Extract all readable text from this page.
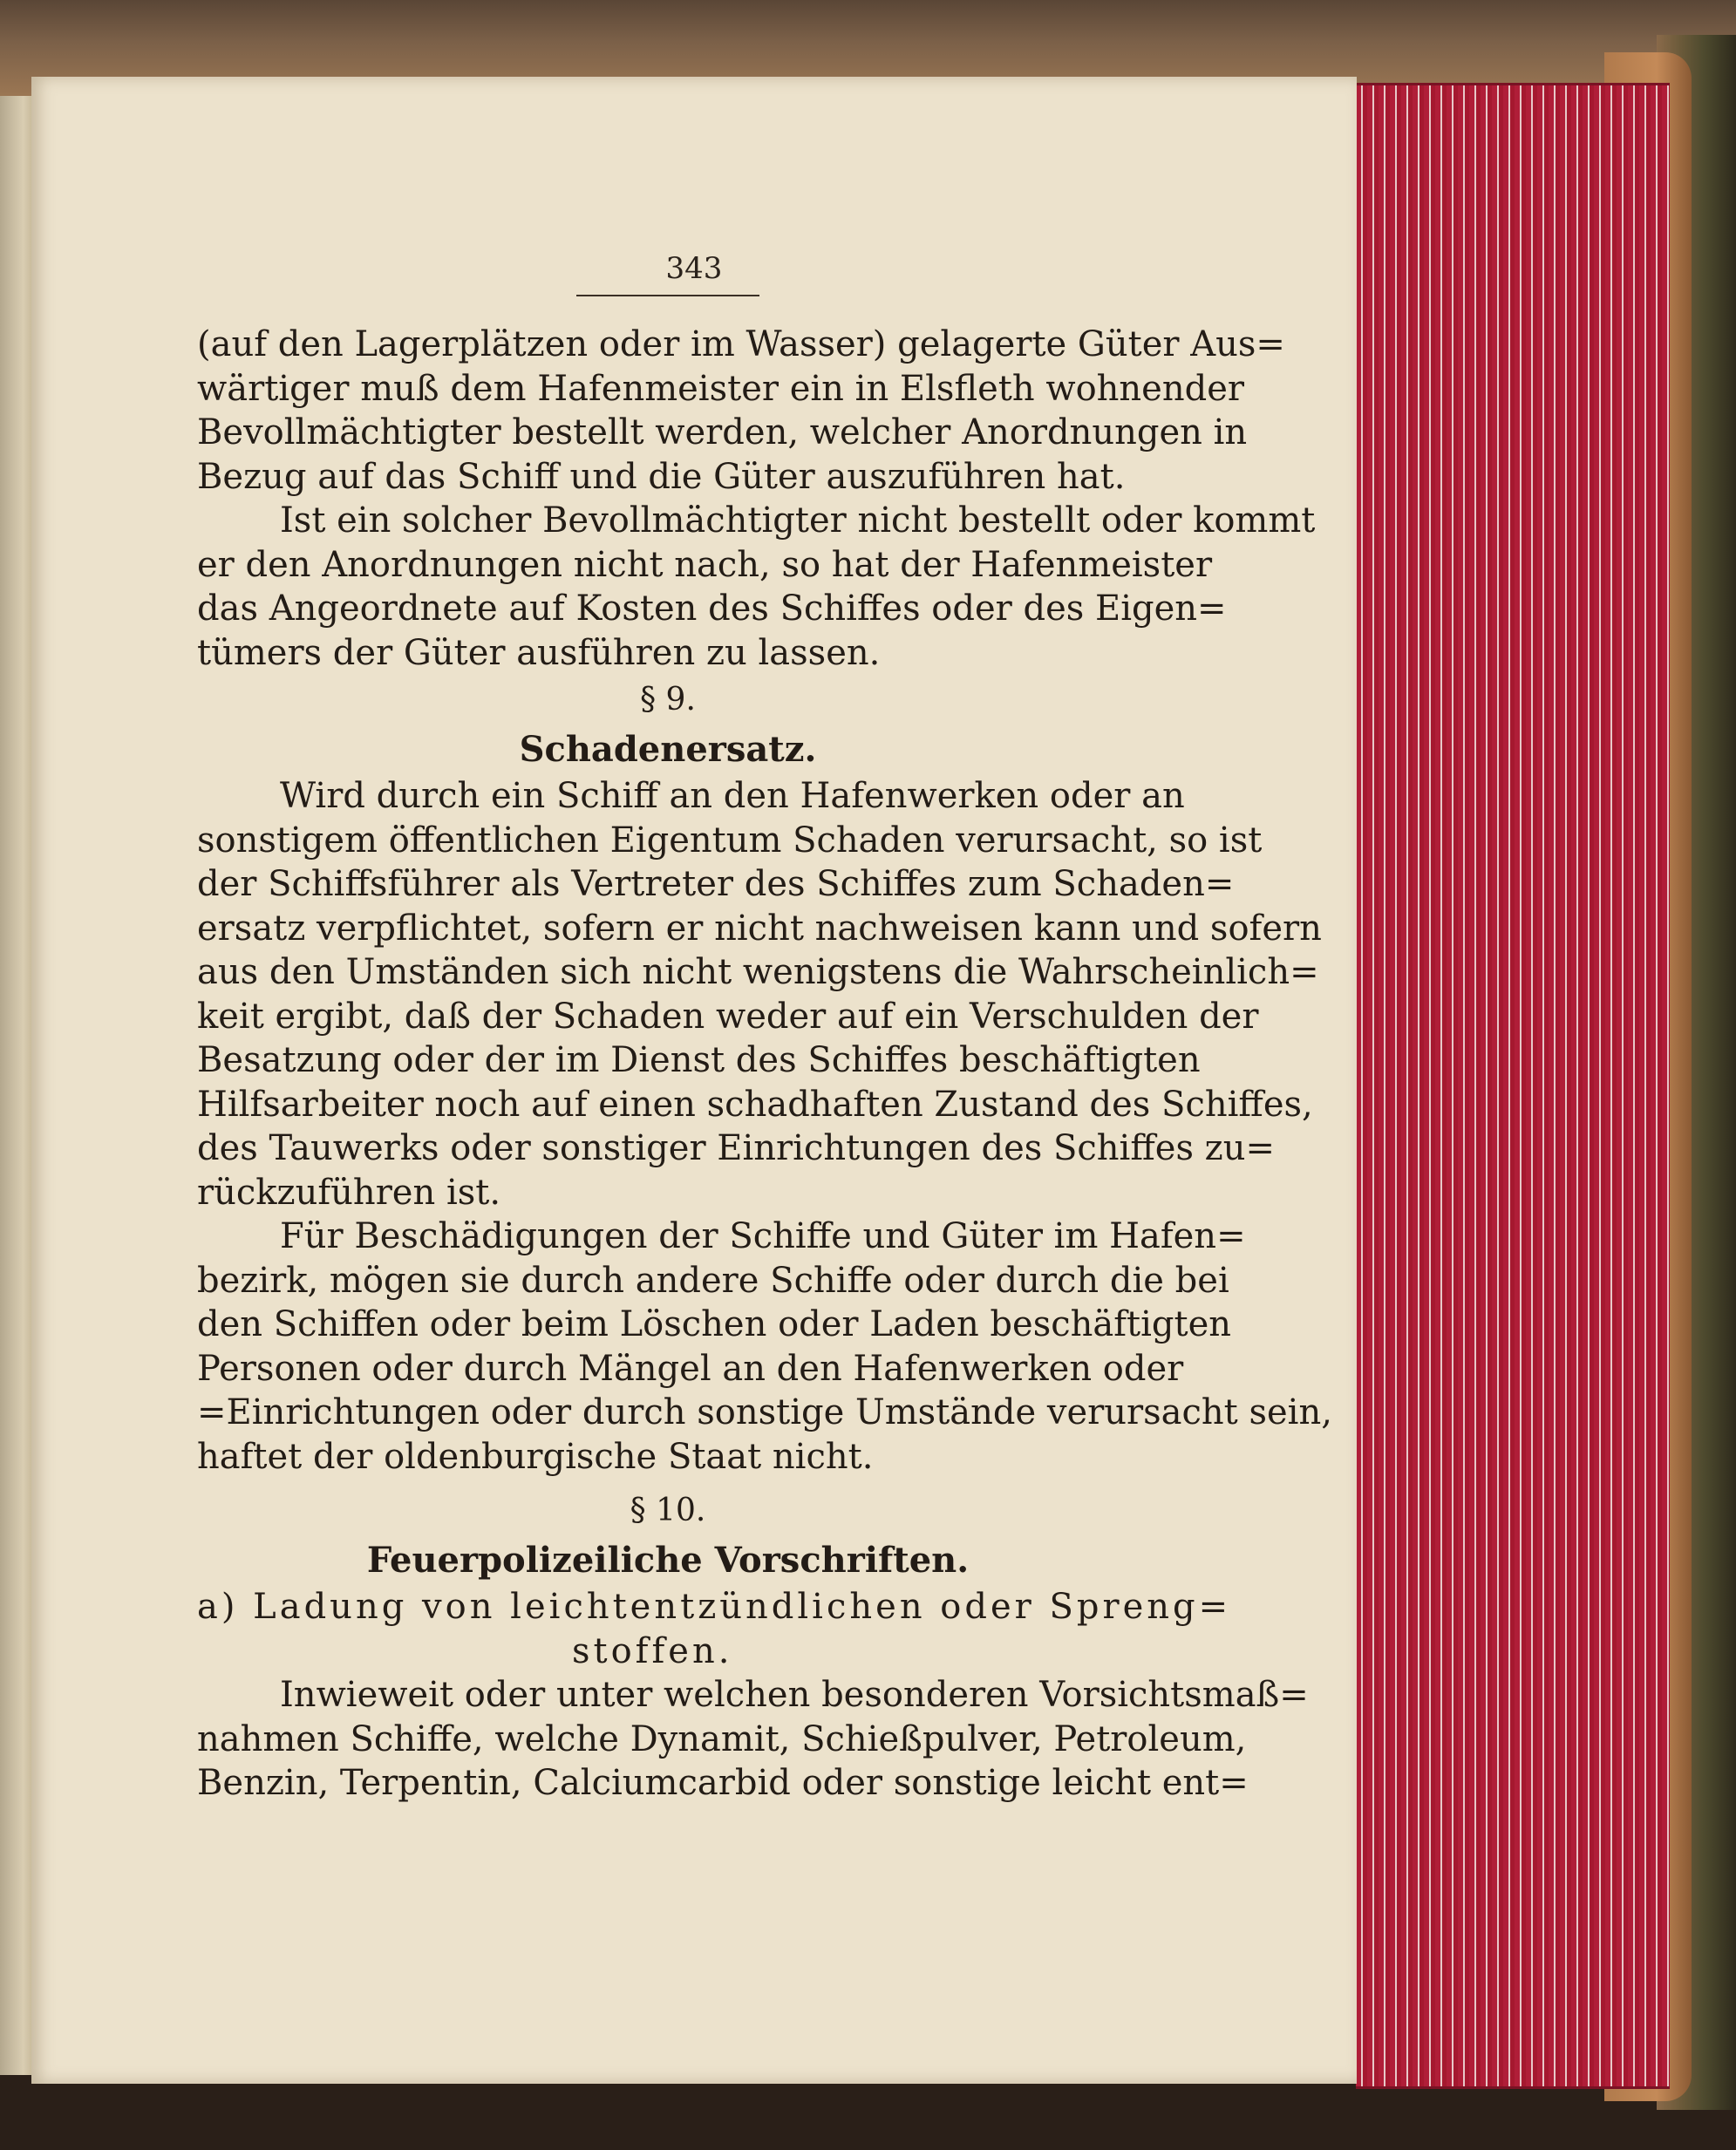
343
(auf den Lagerplätzen oder im Wasser) gelagerte Güter Aus=
wärtiger muß dem Hafenmeister ein in Elsfleth wohnender
Bevollmächtigter bestellt werden, welcher Anordnungen in
Bezug auf das Schiff und die Güter auszuführen hat.
Ist ein solcher Bevollmächtigter nicht bestellt oder kommt
er den Anordnungen nicht nach, so hat der Hafenmeister
das Angeordnete auf Kosten des Schiffes oder des Eigen=
tümers der Güter ausführen zu lassen.
§ 9.
Schadenersatz.
Wird durch ein Schiff an den Hafenwerken oder an
sonstigem öffentlichen Eigentum Schaden verursacht, so ist
der Schiffsführer als Vertreter des Schiffes zum Schaden=
ersatz verpflichtet, sofern er nicht nachweisen kann und sofern
aus den Umständen sich nicht wenigstens die Wahrscheinlich=
keit ergibt, daß der Schaden weder auf ein Verschulden der
Besatzung oder der im Dienst des Schiffes beschäftigten
Hilfsarbeiter noch auf einen schadhaften Zustand des Schiffes,
des Tauwerks oder sonstiger Einrichtungen des Schiffes zu=
rückzuführen ist.
Für Beschädigungen der Schiffe und Güter im Hafen=
bezirk, mögen sie durch andere Schiffe oder durch die bei
den Schiffen oder beim Löschen oder Laden beschäftigten
Personen oder durch Mängel an den Hafenwerken oder
=Einrichtungen oder durch sonstige Umstände verursacht sein,
haftet der oldenburgische Staat nicht.
§ 10.
Feuerpolizeiliche Vorschriften.
a) Ladung von leichtentzündlichen oder Spreng=
stoffen.
Inwieweit oder unter welchen besonderen Vorsichtsmaß=
nahmen Schiffe, welche Dynamit, Schießpulver, Petroleum,
Benzin, Terpentin, Calciumcarbid oder sonstige leicht ent=
